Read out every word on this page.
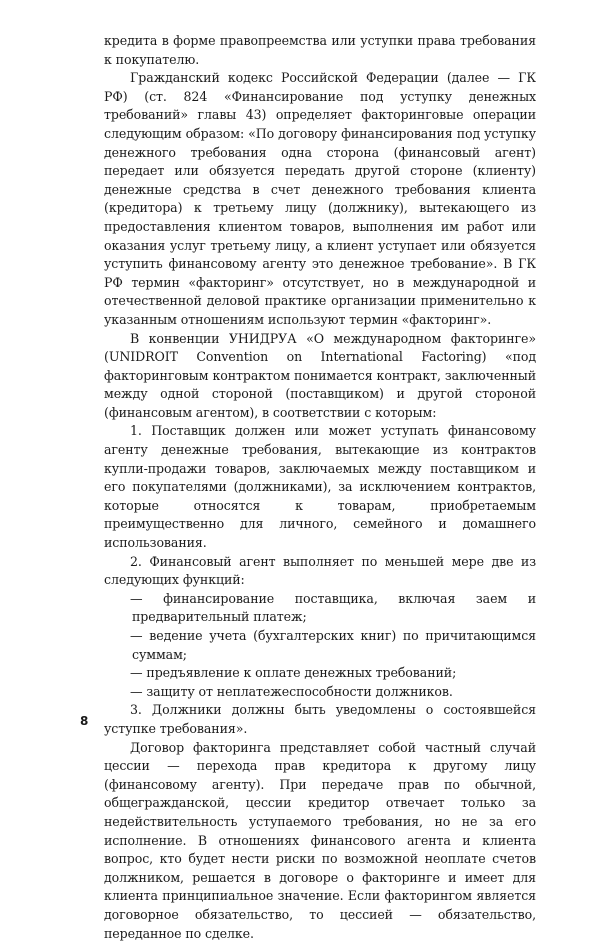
кредита в форме правопреемства или уступки права требования к покупателю.

Гражданский кодекс Российской Федерации (далее — ГК РФ) (ст. 824 «Финансирование под уступку денежных требований» главы 43) определяет факторинговые операции следующим образом: «По договору финансирования под уступку денежного требования одна сторона (финансовый агент) передает или обязуется передать другой стороне (клиенту) денежные средства в счет денежного требования клиента (кредитора) к третьему лицу (должнику), вытекающего из предоставления клиентом товаров, выполнения им работ или оказания услуг третьему лицу, а клиент уступает или обязуется уступить финансовому агенту это денежное требование». В ГК РФ термин «факторинг» отсутствует, но в международной и отечественной деловой практике организации применительно к указанным отношениям используют термин «факторинг».

В конвенции УНИДРУА «О международном факторинге» (UNIDROIT Convention on International Factoring) «под факторинговым контрактом понимается контракт, заключенный между одной стороной (поставщиком) и другой стороной (финансовым агентом), в соответствии с которым:

1. Поставщик должен или может уступать финансовому агенту денежные требования, вытекающие из контрактов купли-продажи товаров, заключаемых между поставщиком и его покупателями (должниками), за исключением контрактов, которые относятся к товарам, приобретаемым преимущественно для личного, семейного и домашнего использования.

2. Финансовый агент выполняет по меньшей мере две из следующих функций:

— финансирование поставщика, включая заем и предварительный платеж;

— ведение учета (бухгалтерских книг) по причитающимся суммам;

— предъявление к оплате денежных требований;

— защиту от неплатежеспособности должников.

3. Должники должны быть уведомлены о состоявшейся уступке требования».

Договор факторинга представляет собой частный случай цессии — перехода прав кредитора к другому лицу (финансовому агенту). При передаче прав по обычной, общегражданской, цессии кредитор отвечает только за недействительность уступаемого требования, но не за его исполнение. В отношениях финансового агента и клиента вопрос, кто будет нести риски по возможной неоплате счетов должником, решается в договоре о факторинге и имеет для клиента принципиальное значение. Если факторингом является договорное обязательство, то цессией — обязательство, переданное по сделке.

8
